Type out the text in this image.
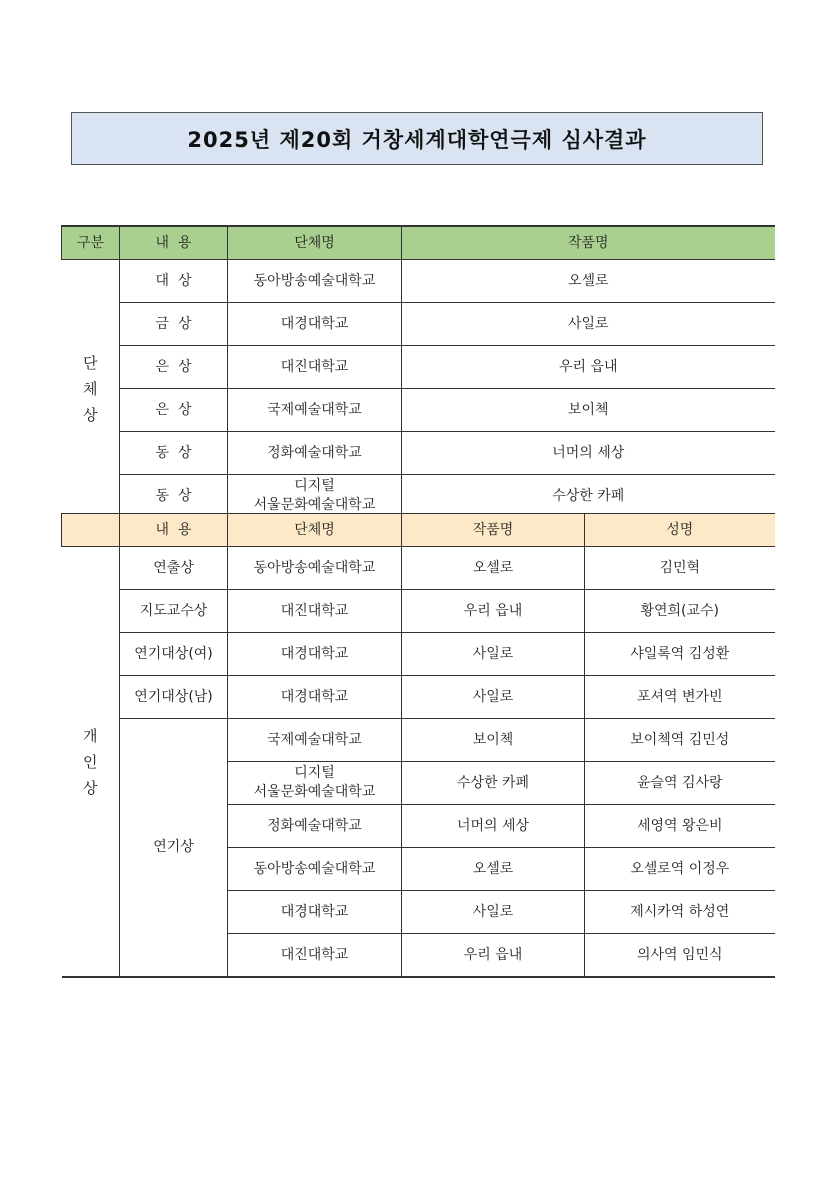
2025년 제20회 거창세계대학연극제 심사결과
구분	내  용	단체명	작품명

단
체
상	대  상	동아방송예술대학교	오셀로
	금  상	대경대학교	사일로
	은  상	대진대학교	우리 읍내
	은  상	국제예술대학교	보이첵
	동  상	정화예술대학교	너머의 세상
	동  상	디지털
서울문화예술대학교	수상한 카페
	내  용	단체명	작품명	성명

개
인
상	연출상	동아방송예술대학교	오셀로	김민혁
	지도교수상	대진대학교	우리 읍내	황연희(교수)
	연기대상(여)	대경대학교	사일로	샤일록역 김성환
	연기대상(남)	대경대학교	사일로	포셔역 변가빈
	연기상	국제예술대학교	보이첵	보이첵역 김민성

		디지털
서울문화예술대학교	수상한 카페	윤슬역 김사랑
		정화예술대학교	너머의 세상	세영역 왕은비
		동아방송예술대학교	오셀로	오셀로역 이정우
		대경대학교	사일로	제시카역 하성연
		대진대학교	우리 읍내	의사역 임민식
